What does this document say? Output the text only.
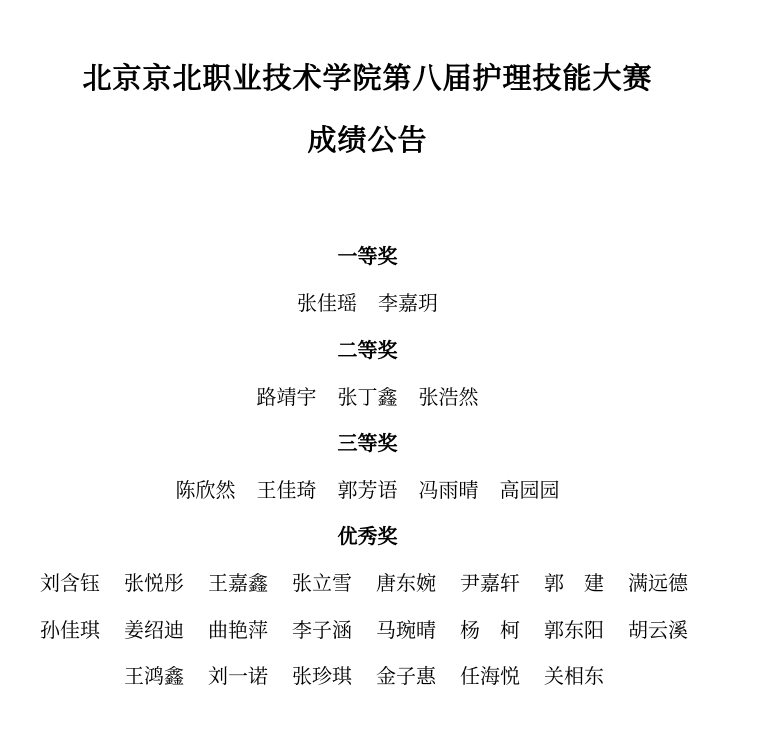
北京京北职业技术学院第八届护理技能大赛
成绩公告
一等奖
张佳瑶 李嘉玥
二等奖
路靖宇 张丁鑫 张浩然
三等奖
陈欣然 王佳琦 郭芳语 冯雨晴 高园园
优秀奖
刘含钰	张悦彤	王嘉鑫	张立雪	唐东婉	尹嘉轩	郭　建	满远德
孙佳琪	姜绍迪	曲艳萍	李子涵	马琬晴	杨　柯	郭东阳	胡云溪
王鸿鑫	刘一诺	张珍琪	金子惠	任海悦	关相东
